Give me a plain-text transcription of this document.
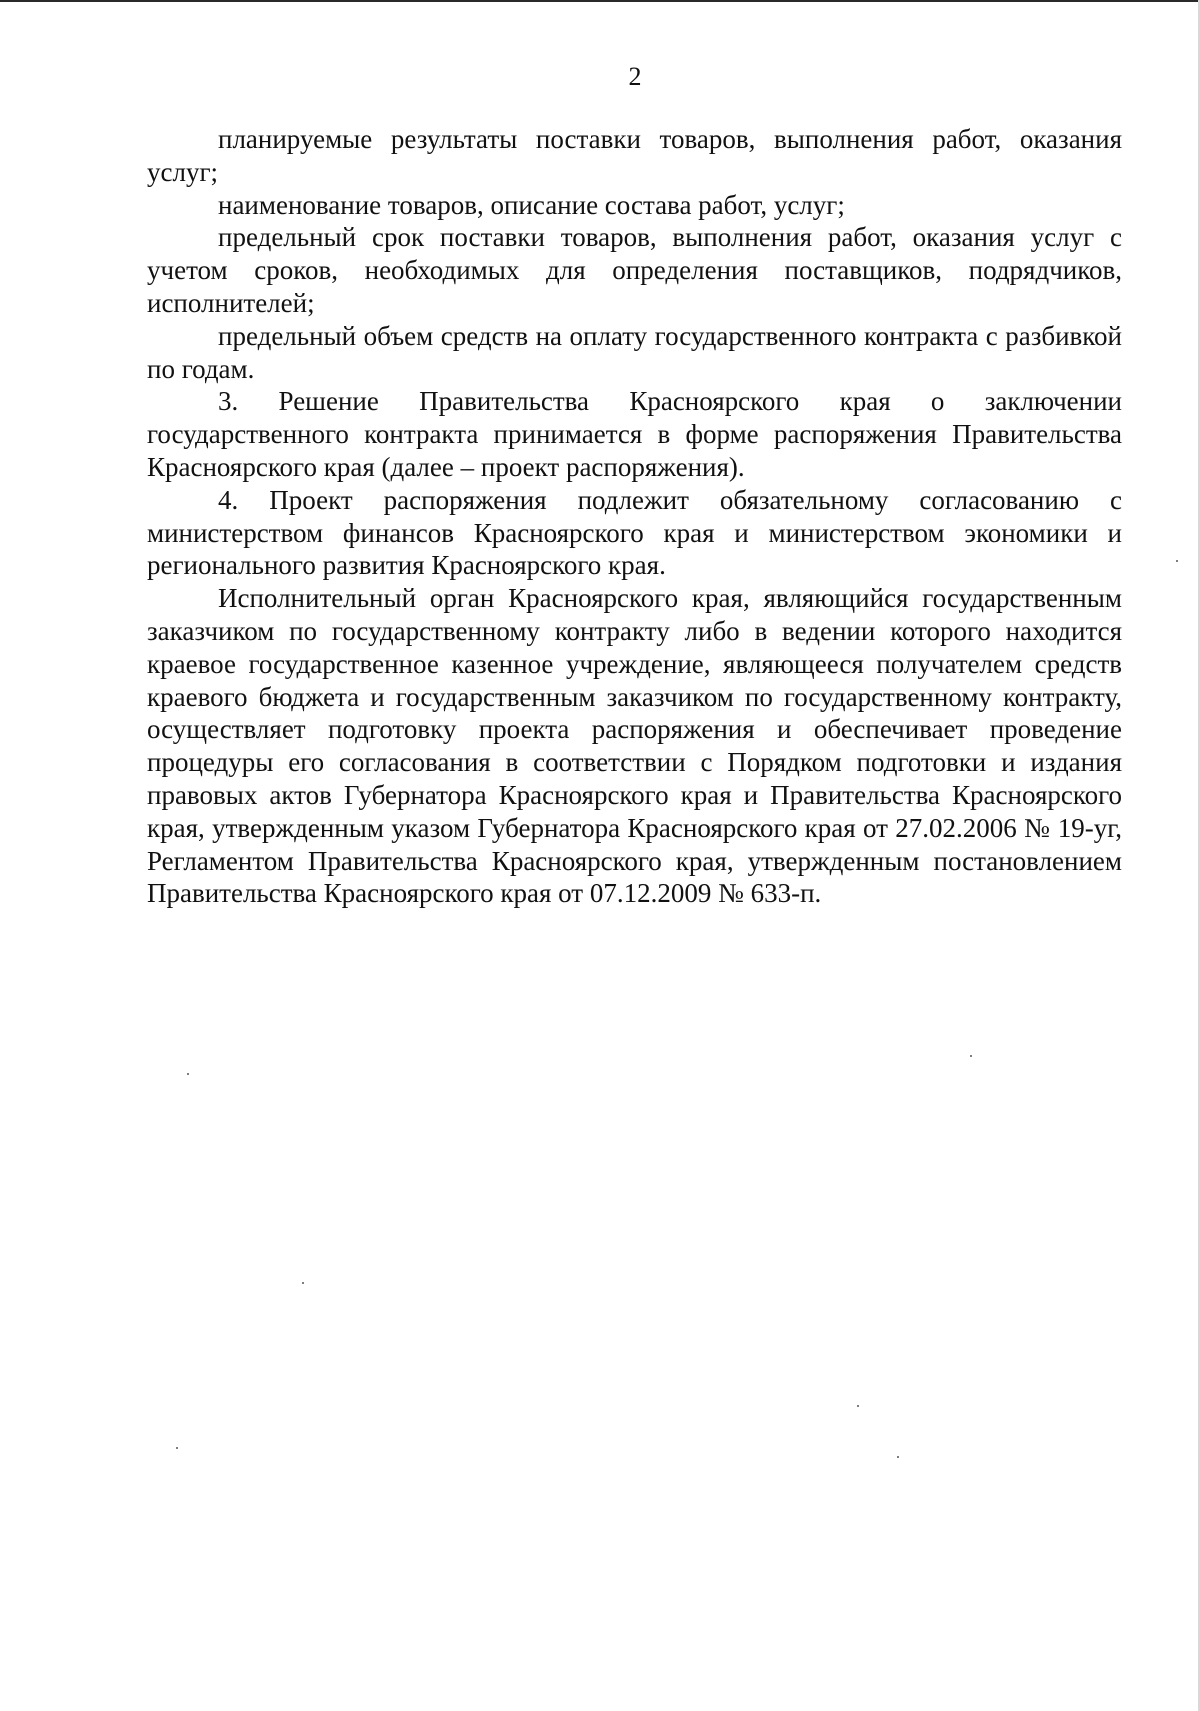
2

планируемые результаты поставки товаров, выполнения работ, оказания услуг;

наименование товаров, описание состава работ, услуг;

предельный срок поставки товаров, выполнения работ, оказания услуг с учетом сроков, необходимых для определения поставщиков, подрядчиков, исполнителей;

предельный объем средств на оплату государственного контракта с разбивкой по годам.

3. Решение Правительства Красноярского края о заключении государственного контракта принимается в форме распоряжения Правительства Красноярского края (далее – проект распоряжения).

4. Проект распоряжения подлежит обязательному согласованию с министерством финансов Красноярского края и министерством экономики и регионального развития Красноярского края.

Исполнительный орган Красноярского края, являющийся государственным заказчиком по государственному контракту либо в ведении которого находится краевое государственное казенное учреждение, являющееся получателем средств краевого бюджета и государственным заказчиком по государственному контракту, осуществляет подготовку проекта распоряжения и обеспечивает проведение процедуры его согласования в соответствии с Порядком подготовки и издания правовых актов Губернатора Красноярского края и Правительства Красноярского края, утвержденным указом Губернатора Красноярского края от 27.02.2006 № 19-уг, Регламентом Правительства Красноярского края, утвержденным постановлением Правительства Красноярского края от 07.12.2009 № 633-п.
